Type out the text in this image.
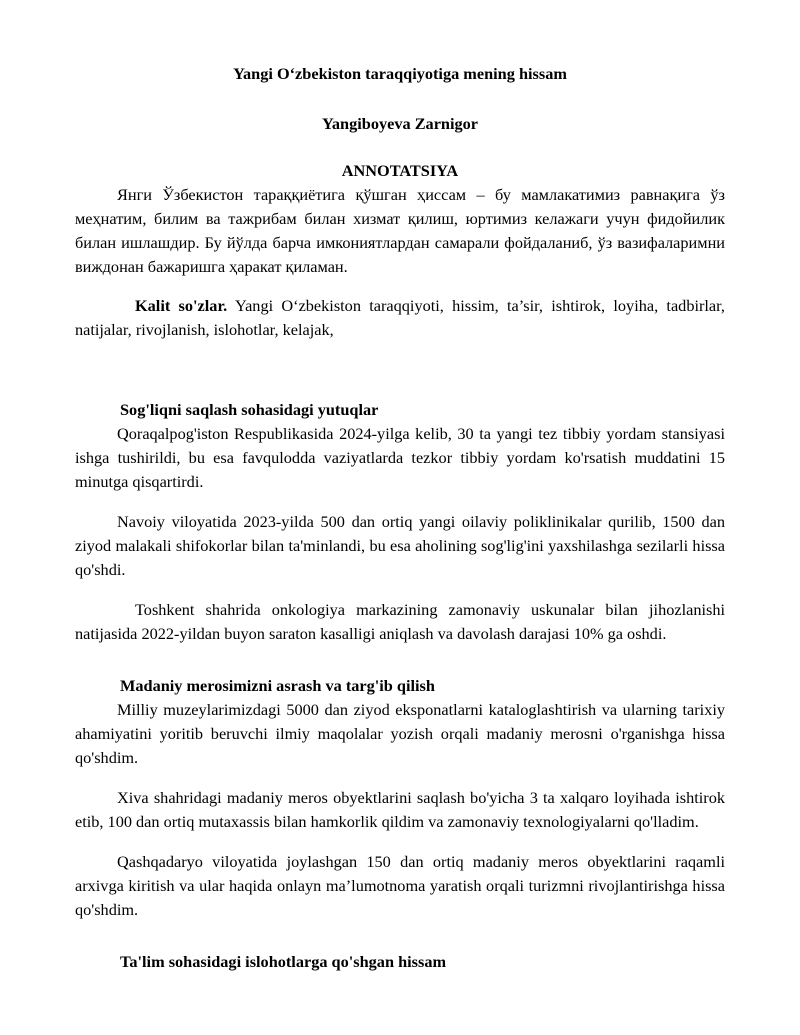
Yangi O‘zbekiston taraqqiyotiga mening hissam
Yangiboyeva Zarnigor
ANNOTATSIYA

Янги Ўзбекистон тараққиётига қўшган ҳиссам – бу мамлакатимиз равнақига ўз меҳнатим, билим ва тажрибам билан хизмат қилиш, юртимиз келажаги учун фидойилик билан ишлашдир. Бу йўлда барча имкониятлардан самарали фойдаланиб, ўз вазифаларимни виждонан бажаришга ҳаракат қиламан.

Kalit so'zlar. Yangi O‘zbekiston taraqqiyoti, hissim, ta’sir, ishtirok, loyiha, tadbirlar, natijalar, rivojlanish, islohotlar, kelajak,

Sog'liqni saqlash sohasidagi yutuqlar

Qoraqalpog'iston Respublikasida 2024-yilga kelib, 30 ta yangi tez tibbiy yordam stansiyasi ishga tushirildi, bu esa favqulodda vaziyatlarda tezkor tibbiy yordam ko'rsatish muddatini 15 minutga qisqartirdi.

Navoiy viloyatida 2023-yilda 500 dan ortiq yangi oilaviy poliklinikalar qurilib, 1500 dan ziyod malakali shifokorlar bilan ta'minlandi, bu esa aholining sog'lig'ini yaxshilashga sezilarli hissa qo'shdi.

Toshkent shahrida onkologiya markazining zamonaviy uskunalar bilan jihozlanishi natijasida 2022-yildan buyon saraton kasalligi aniqlash va davolash darajasi 10% ga oshdi.

Madaniy merosimizni asrash va targ'ib qilish

Milliy muzeylarimizdagi 5000 dan ziyod eksponatlarni kataloglashtirish va ularning tarixiy ahamiyatini yoritib beruvchi ilmiy maqolalar yozish orqali madaniy merosni o'rganishga hissa qo'shdim.

Xiva shahridagi madaniy meros obyektlarini saqlash bo'yicha 3 ta xalqaro loyihada ishtirok etib, 100 dan ortiq mutaxassis bilan hamkorlik qildim va zamonaviy texnologiyalarni qo'lladim.

Qashqadaryo viloyatida joylashgan 150 dan ortiq madaniy meros obyektlarini raqamli arxivga kiritish va ular haqida onlayn ma’lumotnoma yaratish orqali turizmni rivojlantirishga hissa qo'shdim.

Ta'lim sohasidagi islohotlarga qo'shgan hissam
